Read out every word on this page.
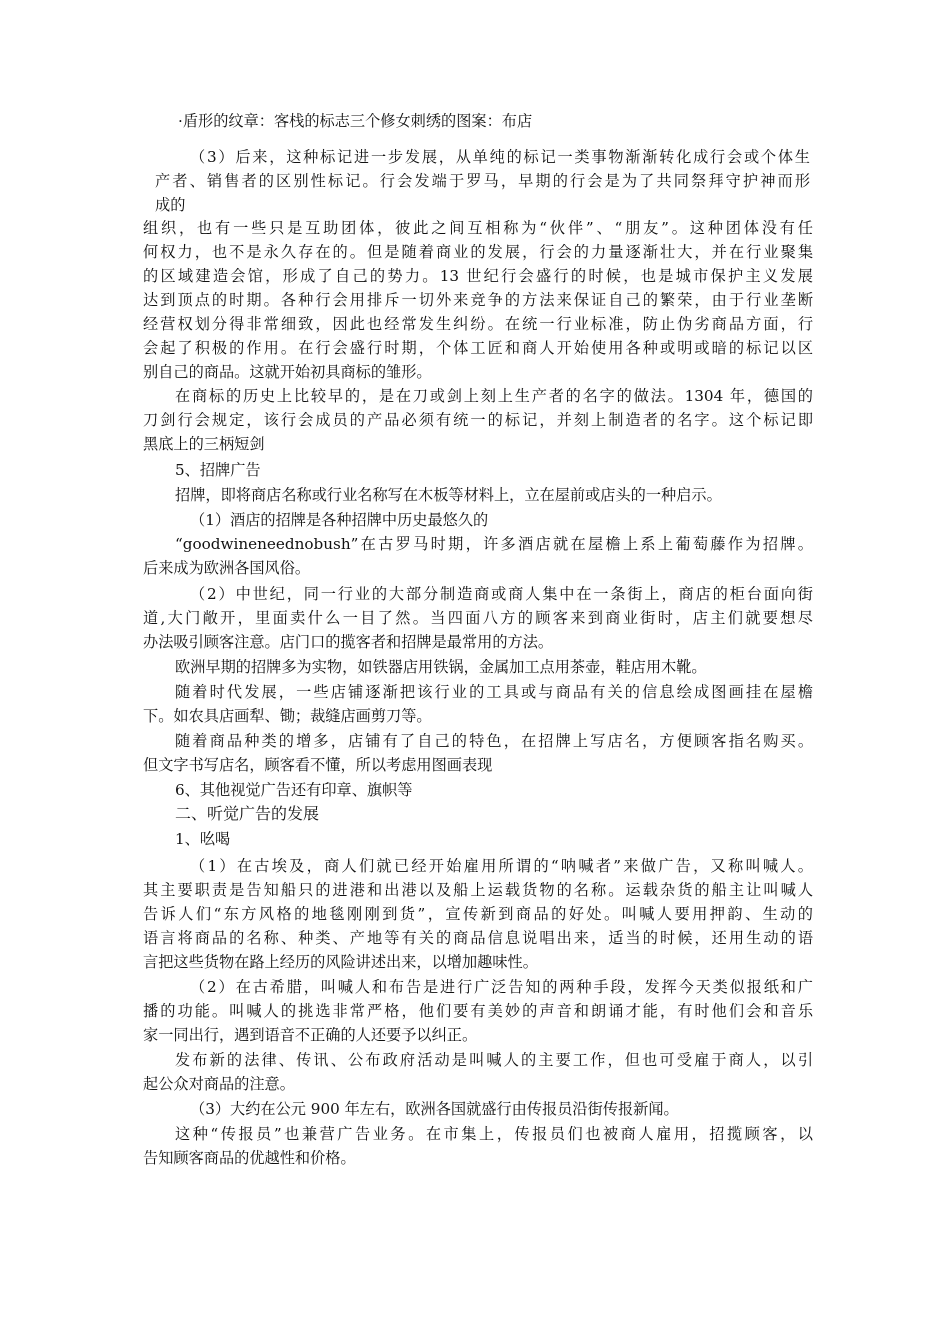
·盾形的纹章：客栈的标志三个修女刺绣的图案：布店

（3）后来，这种标记进一步发展，从单纯的标记一类事物渐渐转化成行会或个体生

产者、销售者的区别性标记。行会发端于罗马，早期的行会是为了共同祭拜守护神而形

成的

组织，也有一些只是互助团体，彼此之间互相称为“伙伴”、“朋友”。这种团体没有任

何权力，也不是永久存在的。但是随着商业的发展，行会的力量逐渐壮大，并在行业聚集

的区域建造会馆，形成了自己的势力。13 世纪行会盛行的时候，也是城市保护主义发展

达到顶点的时期。各种行会用排斥一切外来竞争的方法来保证自己的繁荣，由于行业垄断

经营权划分得非常细致，因此也经常发生纠纷。在统一行业标准，防止伪劣商品方面，行

会起了积极的作用。在行会盛行时期，个体工匠和商人开始使用各种或明或暗的标记以区

别自己的商品。这就开始初具商标的雏形。

在商标的历史上比较早的，是在刀或剑上刻上生产者的名字的做法。1304 年，德国的

刀剑行会规定，该行会成员的产品必须有统一的标记，并刻上制造者的名字。这个标记即

黑底上的三柄短剑

5、招牌广告

招牌，即将商店名称或行业名称写在木板等材料上，立在屋前或店头的一种启示。

（1）酒店的招牌是各种招牌中历史最悠久的

“goodwineneednobush”在古罗马时期，许多酒店就在屋檐上系上葡萄藤作为招牌。

后来成为欧洲各国风俗。

（2）中世纪，同一行业的大部分制造商或商人集中在一条街上，商店的柜台面向街

道,大门敞开，里面卖什么一目了然。当四面八方的顾客来到商业街时，店主们就要想尽

办法吸引顾客注意。店门口的揽客者和招牌是最常用的方法。

欧洲早期的招牌多为实物，如铁器店用铁锅，金属加工点用茶壶，鞋店用木靴。

随着时代发展，一些店铺逐渐把该行业的工具或与商品有关的信息绘成图画挂在屋檐

下。如农具店画犁、锄；裁缝店画剪刀等。

随着商品种类的增多，店铺有了自己的特色，在招牌上写店名，方便顾客指名购买。

但文字书写店名，顾客看不懂，所以考虑用图画表现

6、其他视觉广告还有印章、旗帜等

二、听觉广告的发展

1、吆喝

（1）在古埃及，商人们就已经开始雇用所谓的“呐喊者”来做广告，又称叫喊人。

其主要职责是告知船只的进港和出港以及船上运载货物的名称。运载杂货的船主让叫喊人

告诉人们“东方风格的地毯刚刚到货”，宣传新到商品的好处。叫喊人要用押韵、生动的

语言将商品的名称、种类、产地等有关的商品信息说唱出来，适当的时候，还用生动的语

言把这些货物在路上经历的风险讲述出来，以增加趣味性。

（2）在古希腊，叫喊人和布告是进行广泛告知的两种手段，发挥今天类似报纸和广

播的功能。叫喊人的挑选非常严格，他们要有美妙的声音和朗诵才能，有时他们会和音乐

家一同出行，遇到语音不正确的人还要予以纠正。

发布新的法律、传讯、公布政府活动是叫喊人的主要工作，但也可受雇于商人，以引

起公众对商品的注意。

（3）大约在公元 900 年左右，欧洲各国就盛行由传报员沿街传报新闻。

这种“传报员”也兼营广告业务。在市集上，传报员们也被商人雇用，招揽顾客，以

告知顾客商品的优越性和价格。
